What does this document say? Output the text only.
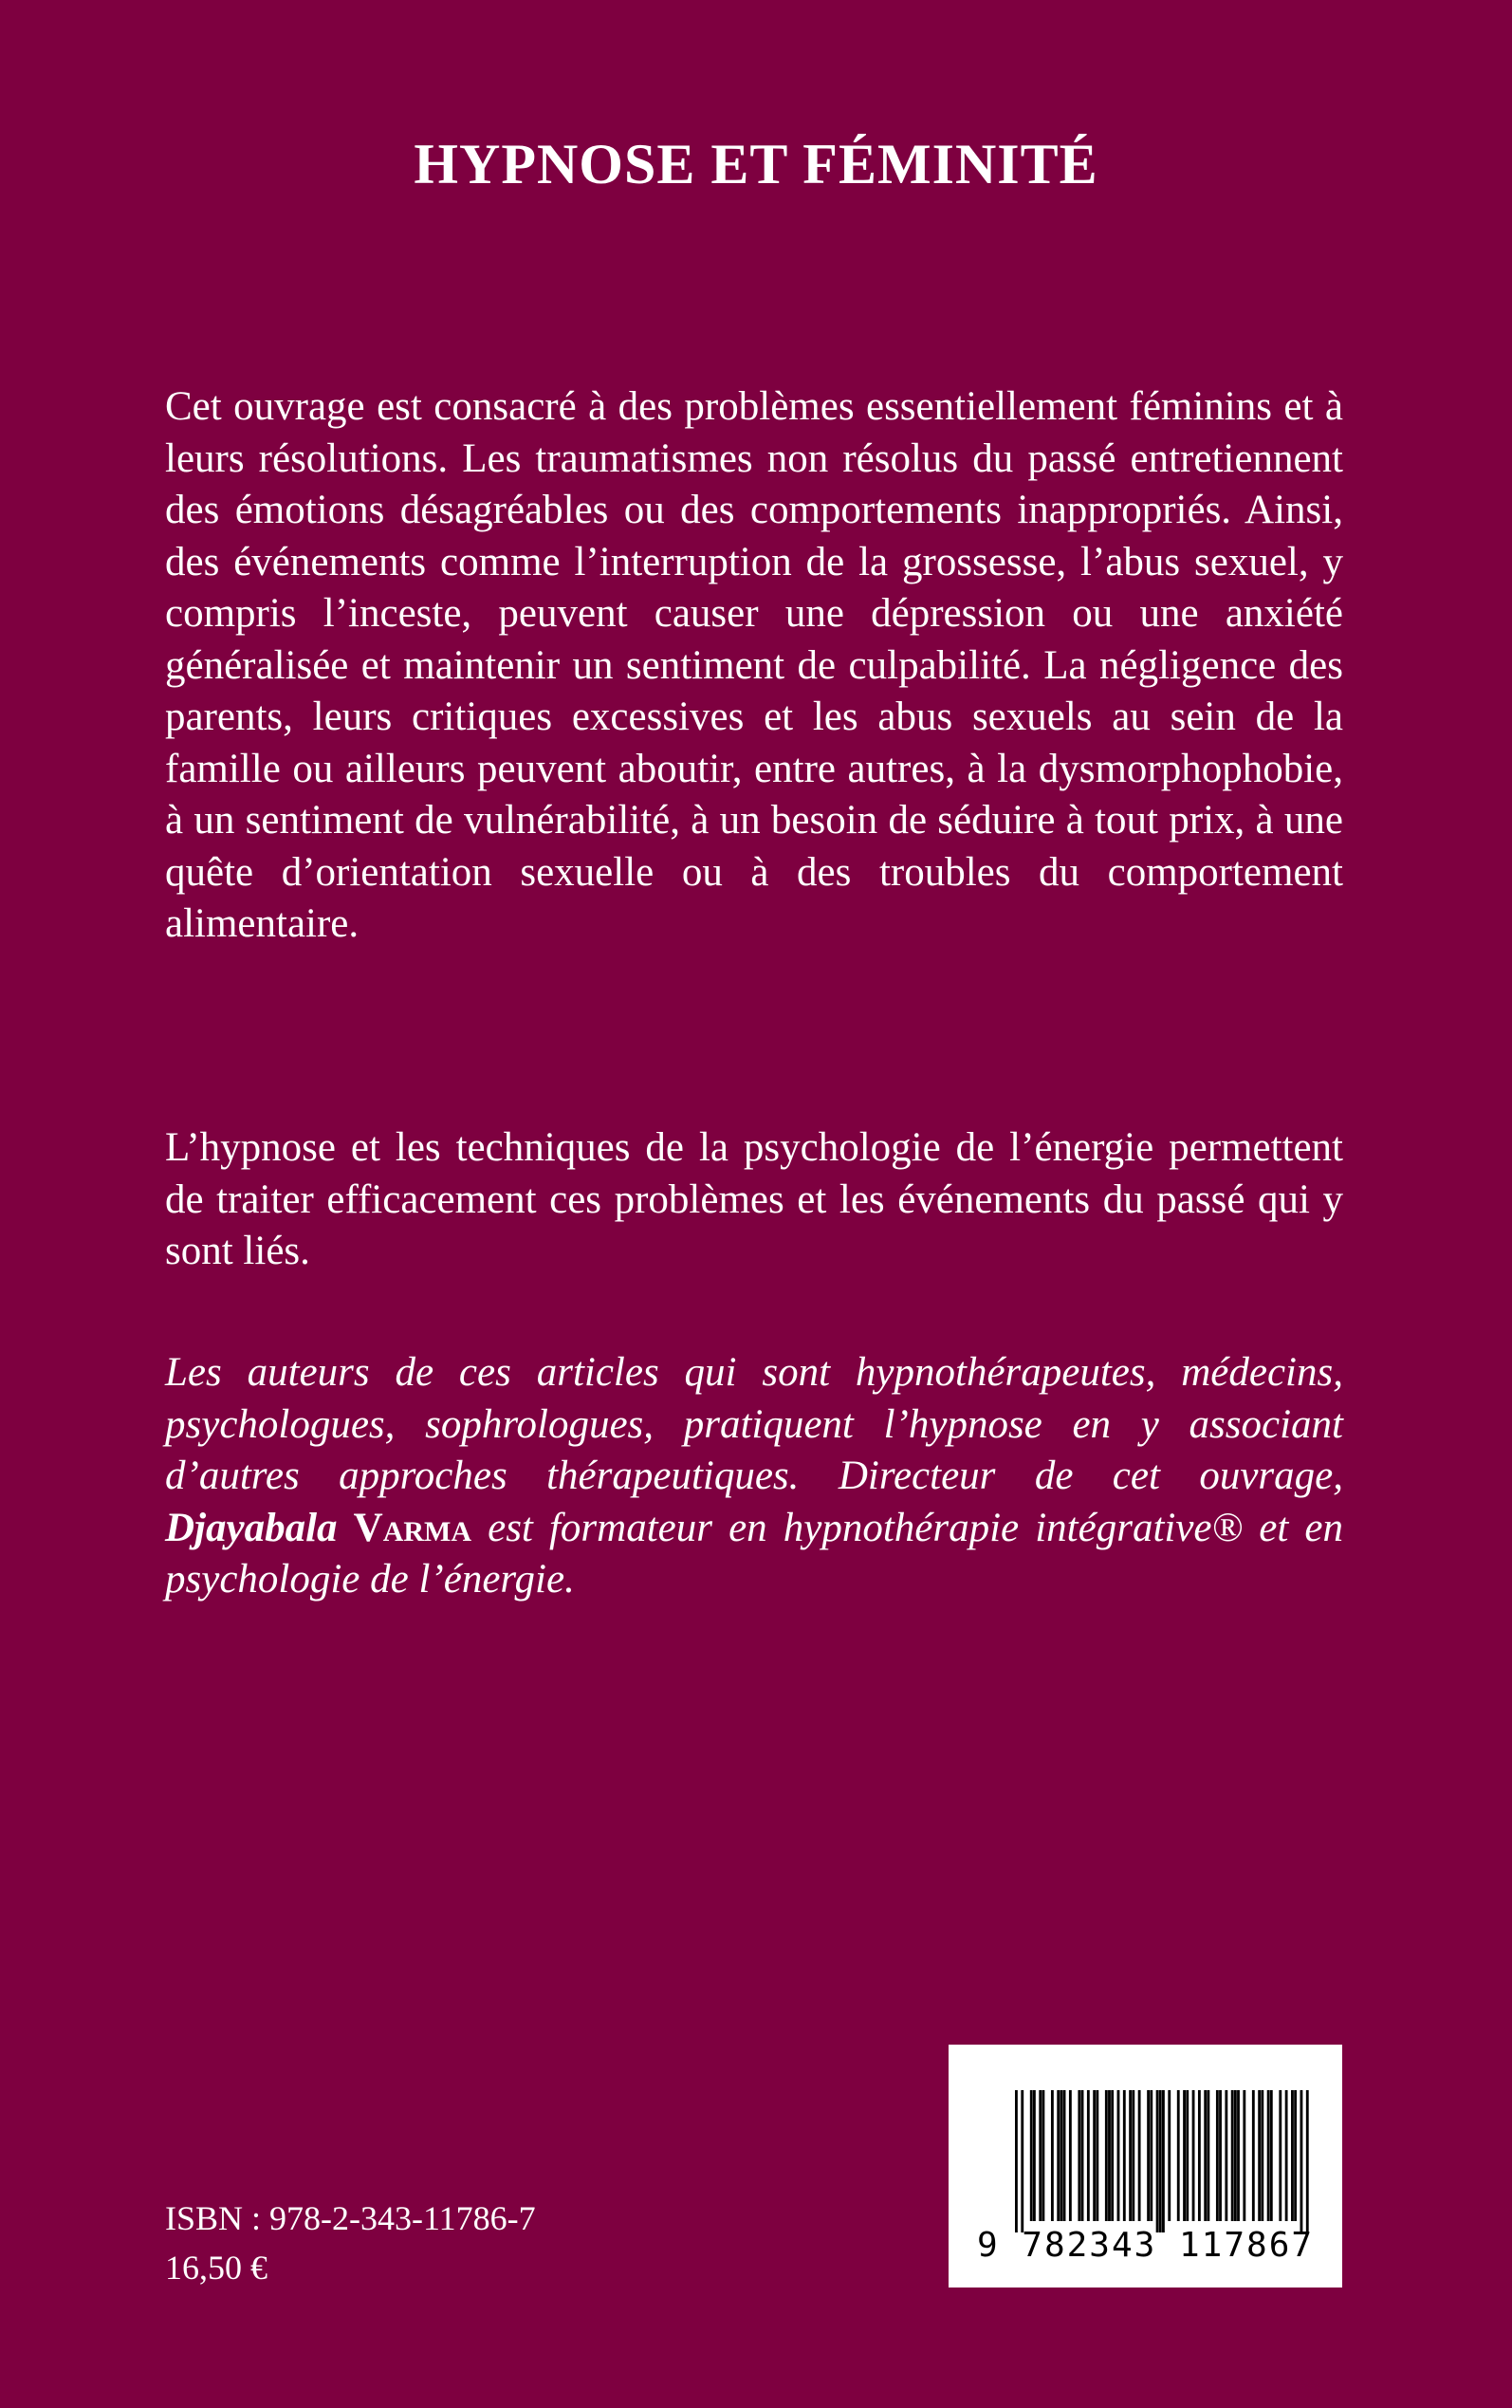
HYPNOSE ET FÉMINITÉ

Cet ouvrage est consacré à des problèmes essentiellement féminins et à leurs résolutions. Les traumatismes non résolus du passé entretiennent des émotions désagréables ou des comportements inappropriés. Ainsi, des événements comme l’interruption de la grossesse, l’abus sexuel, y compris l’inceste, peuvent causer une dépression ou une anxiété généralisée et maintenir un sentiment de culpabilité. La négligence des parents, leurs critiques excessives et les abus sexuels au sein de la famille ou ailleurs peuvent aboutir, entre autres, à la dysmorphophobie, à un sentiment de vulnérabilité, à un besoin de séduire à tout prix, à une quête d’orientation sexuelle ou à des troubles du comportement alimentaire.

L’hypnose et les techniques de la psychologie de l’énergie permettent de traiter efficacement ces problèmes et les événements du passé qui y sont liés.

Les auteurs de ces articles qui sont hypnothérapeutes, médecins, psychologues, sophrologues, pratiquent l’hypnose en y associant d’autres approches thérapeutiques. Directeur de cet ouvrage, Djayabala Varma est formateur en hypnothérapie intégrative® et en psychologie de l’énergie.

ISBN : 978-2-343-11786-7
16,50 €
9 782343 117867
